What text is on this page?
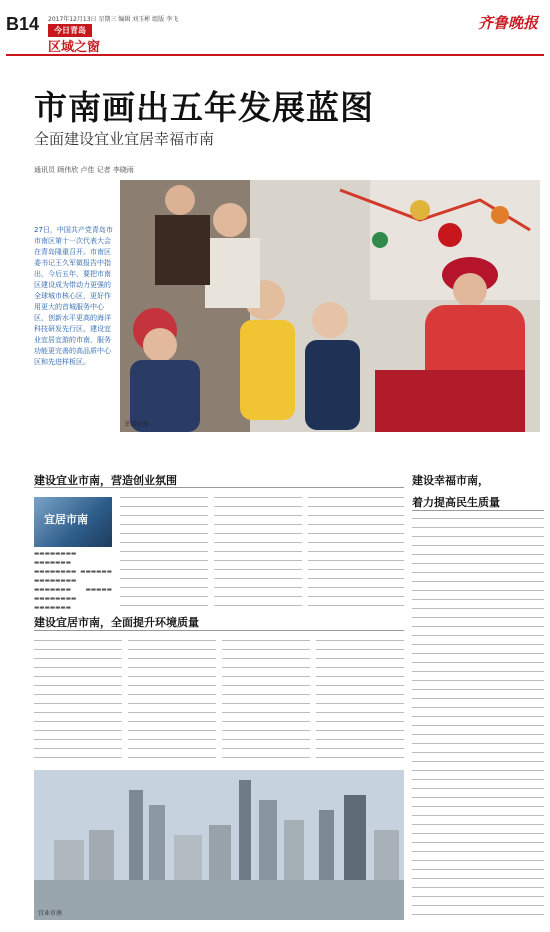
B14 2017年12月13日 星期三 编辑 刘玉彬 组版 李飞
今日青岛
区域之窗
齐鲁晚报
市南画出五年发展蓝图
全面建设宜业宜居幸福市南
通讯员 顾伟欣 卢佳 记者 李晓雨
27日，中国共产党青岛市市南区第十一次代表大会在青岛隆重召开。市南区委书记王久军做报告中指出，今后五年，要把市南区建设成为带动力更强的全球城市核心区，更好作用更大的首城服务中心区，创新水平更高的海洋科技研发先行区，建设宜业宜居宜游的市南，服务功能更完善的高品质中心区和先进样板区。
幸福市南
建设宜业市南，营造创业氛围
宜居市南
▬▬▬▬▬▬▬▬ ▬▬▬▬▬▬▬ ▬▬▬▬▬▬▬▬ ▬▬▬▬▬▬ ▬▬▬▬▬▬▬▬ ▬▬▬▬▬▬▬ ▬▬▬▬▬ ▬▬▬▬▬▬▬▬ ▬▬▬▬▬▬▬
建设宜居市南，全面提升环境质量
宜业市南
建设幸福市南，
着力提高民生质量
